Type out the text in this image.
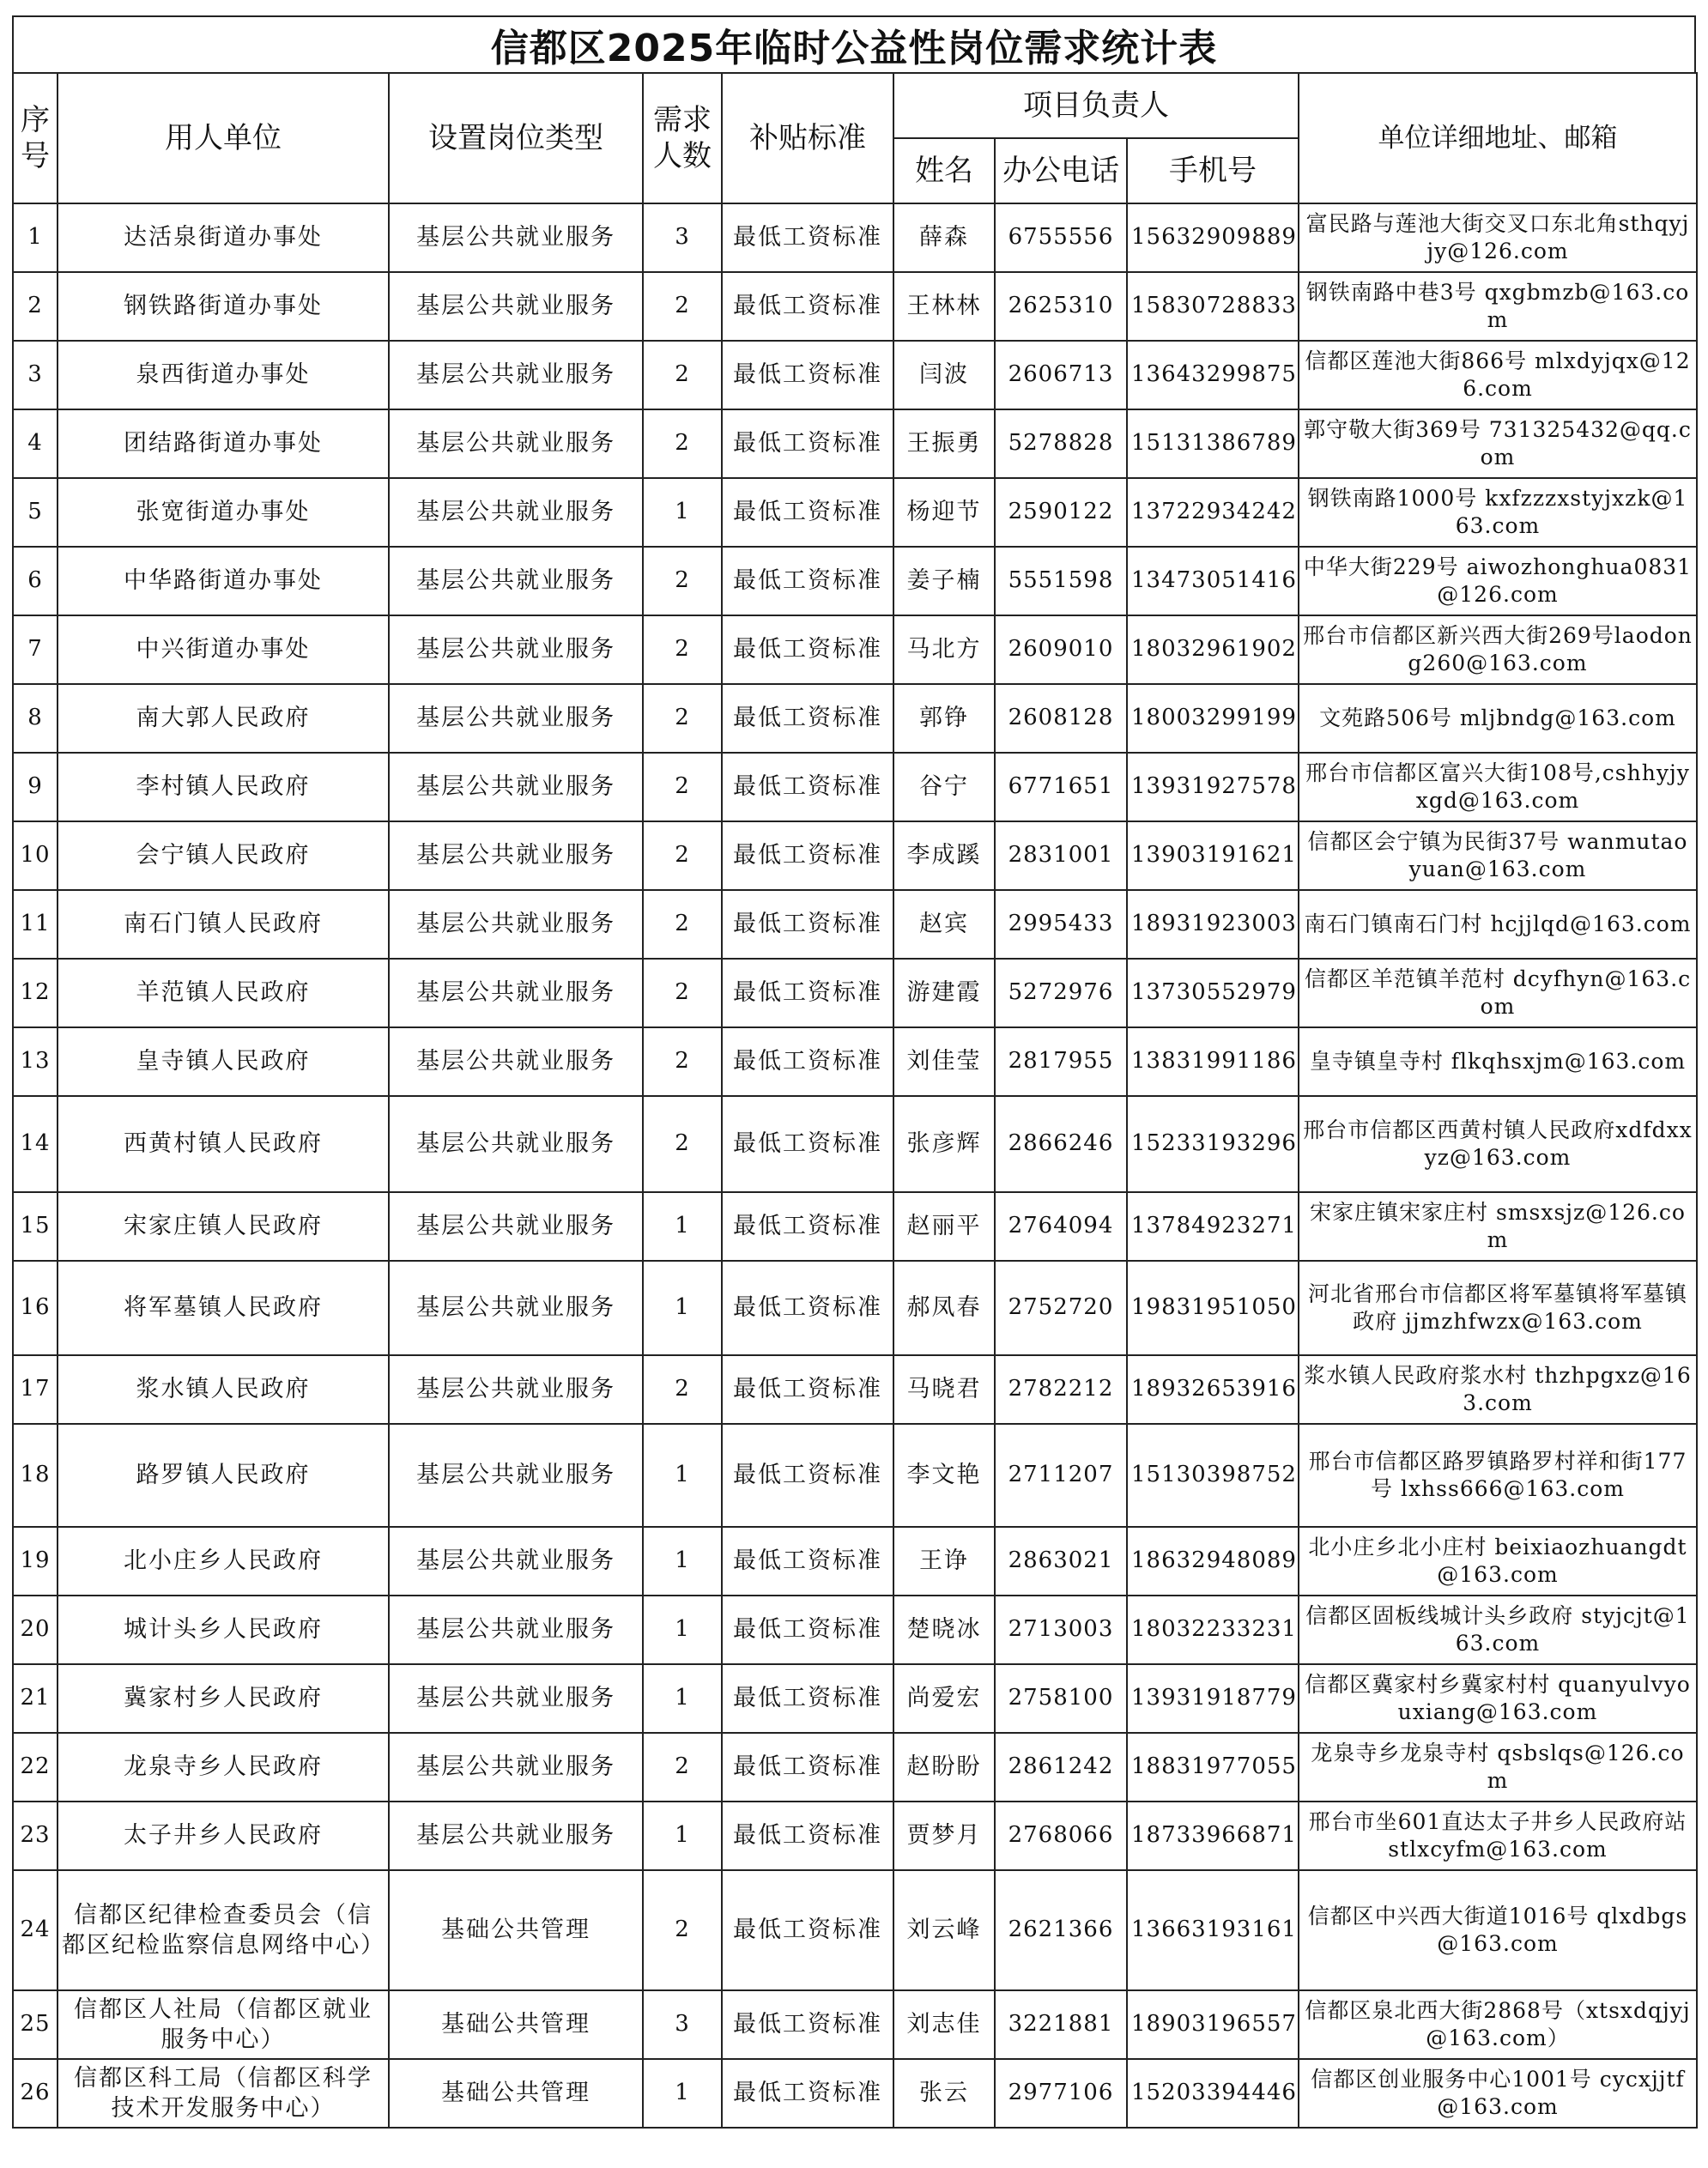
信都区2025年临时公益性岗位需求统计表
序号	用人单位	设置岗位类型	需求人数	补贴标准	项目负责人			单位详细地址、邮箱
					姓名	办公电话	手机号	
1	达活泉街道办事处	基层公共就业服务	3	最低工资标准	薛森	6755556	15632909889	富民路与莲池大街交叉口东北角sthqyjjy@126.com
2	钢铁路街道办事处	基层公共就业服务	2	最低工资标准	王林林	2625310	15830728833	钢铁南路中巷3号 qxgbmzb@163.com
3	泉西街道办事处	基层公共就业服务	2	最低工资标准	闫波	2606713	13643299875	信都区莲池大街866号 mlxdyjqx@126.com
4	团结路街道办事处	基层公共就业服务	2	最低工资标准	王振勇	5278828	15131386789	郭守敬大街369号 731325432@qq.com
5	张宽街道办事处	基层公共就业服务	1	最低工资标准	杨迎节	2590122	13722934242	钢铁南路1000号 kxfzzzxstyjxzk@163.com
6	中华路街道办事处	基层公共就业服务	2	最低工资标准	姜子楠	5551598	13473051416	中华大街229号 aiwozhonghua0831@126.com
7	中兴街道办事处	基层公共就业服务	2	最低工资标准	马北方	2609010	18032961902	邢台市信都区新兴西大街269号laodong260@163.com
8	南大郭人民政府	基层公共就业服务	2	最低工资标准	郭铮	2608128	18003299199	文苑路506号 mljbndg@163.com
9	李村镇人民政府	基层公共就业服务	2	最低工资标准	谷宁	6771651	13931927578	邢台市信都区富兴大街108号,cshhyjyxgd@163.com
10	会宁镇人民政府	基层公共就业服务	2	最低工资标准	李成蹊	2831001	13903191621	信都区会宁镇为民街37号 wanmutaoyuan@163.com
11	南石门镇人民政府	基层公共就业服务	2	最低工资标准	赵宾	2995433	18931923003	南石门镇南石门村 hcjjlqd@163.com
12	羊范镇人民政府	基层公共就业服务	2	最低工资标准	游建霞	5272976	13730552979	信都区羊范镇羊范村 dcyfhyn@163.com
13	皇寺镇人民政府	基层公共就业服务	2	最低工资标准	刘佳莹	2817955	13831991186	皇寺镇皇寺村 flkqhsxjm@163.com
14	西黄村镇人民政府	基层公共就业服务	2	最低工资标准	张彦辉	2866246	15233193296	邢台市信都区西黄村镇人民政府xdfdxxyz@163.com
15	宋家庄镇人民政府	基层公共就业服务	1	最低工资标准	赵丽平	2764094	13784923271	宋家庄镇宋家庄村 smsxsjz@126.com
16	将军墓镇人民政府	基层公共就业服务	1	最低工资标准	郝凤春	2752720	19831951050	河北省邢台市信都区将军墓镇将军墓镇政府 jjmzhfwzx@163.com
17	浆水镇人民政府	基层公共就业服务	2	最低工资标准	马晓君	2782212	18932653916	浆水镇人民政府浆水村 thzhpgxz@163.com
18	路罗镇人民政府	基层公共就业服务	1	最低工资标准	李文艳	2711207	15130398752	邢台市信都区路罗镇路罗村祥和街177号 lxhss666@163.com
19	北小庄乡人民政府	基层公共就业服务	1	最低工资标准	王诤	2863021	18632948089	北小庄乡北小庄村 beixiaozhuangdt@163.com
20	城计头乡人民政府	基层公共就业服务	1	最低工资标准	楚晓冰	2713003	18032233231	信都区固板线城计头乡政府 styjcjt@163.com
21	冀家村乡人民政府	基层公共就业服务	1	最低工资标准	尚爱宏	2758100	13931918779	信都区冀家村乡冀家村村 quanyulvyouxiang@163.com
22	龙泉寺乡人民政府	基层公共就业服务	2	最低工资标准	赵盼盼	2861242	18831977055	龙泉寺乡龙泉寺村 qsbslqs@126.com
23	太子井乡人民政府	基层公共就业服务	1	最低工资标准	贾梦月	2768066	18733966871	邢台市坐601直达太子井乡人民政府站stlxcyfm@163.com
24	信都区纪律检查委员会（信都区纪检监察信息网络中心）	基础公共管理	2	最低工资标准	刘云峰	2621366	13663193161	信都区中兴西大街道1016号 qlxdbgs@163.com
25	信都区人社局（信都区就业服务中心）	基础公共管理	3	最低工资标准	刘志佳	3221881	18903196557	信都区泉北西大街2868号（xtsxdqjyj@163.com）
26	信都区科工局（信都区科学技术开发服务中心）	基础公共管理	1	最低工资标准	张云	2977106	15203394446	信都区创业服务中心1001号 cycxjjtf@163.com
